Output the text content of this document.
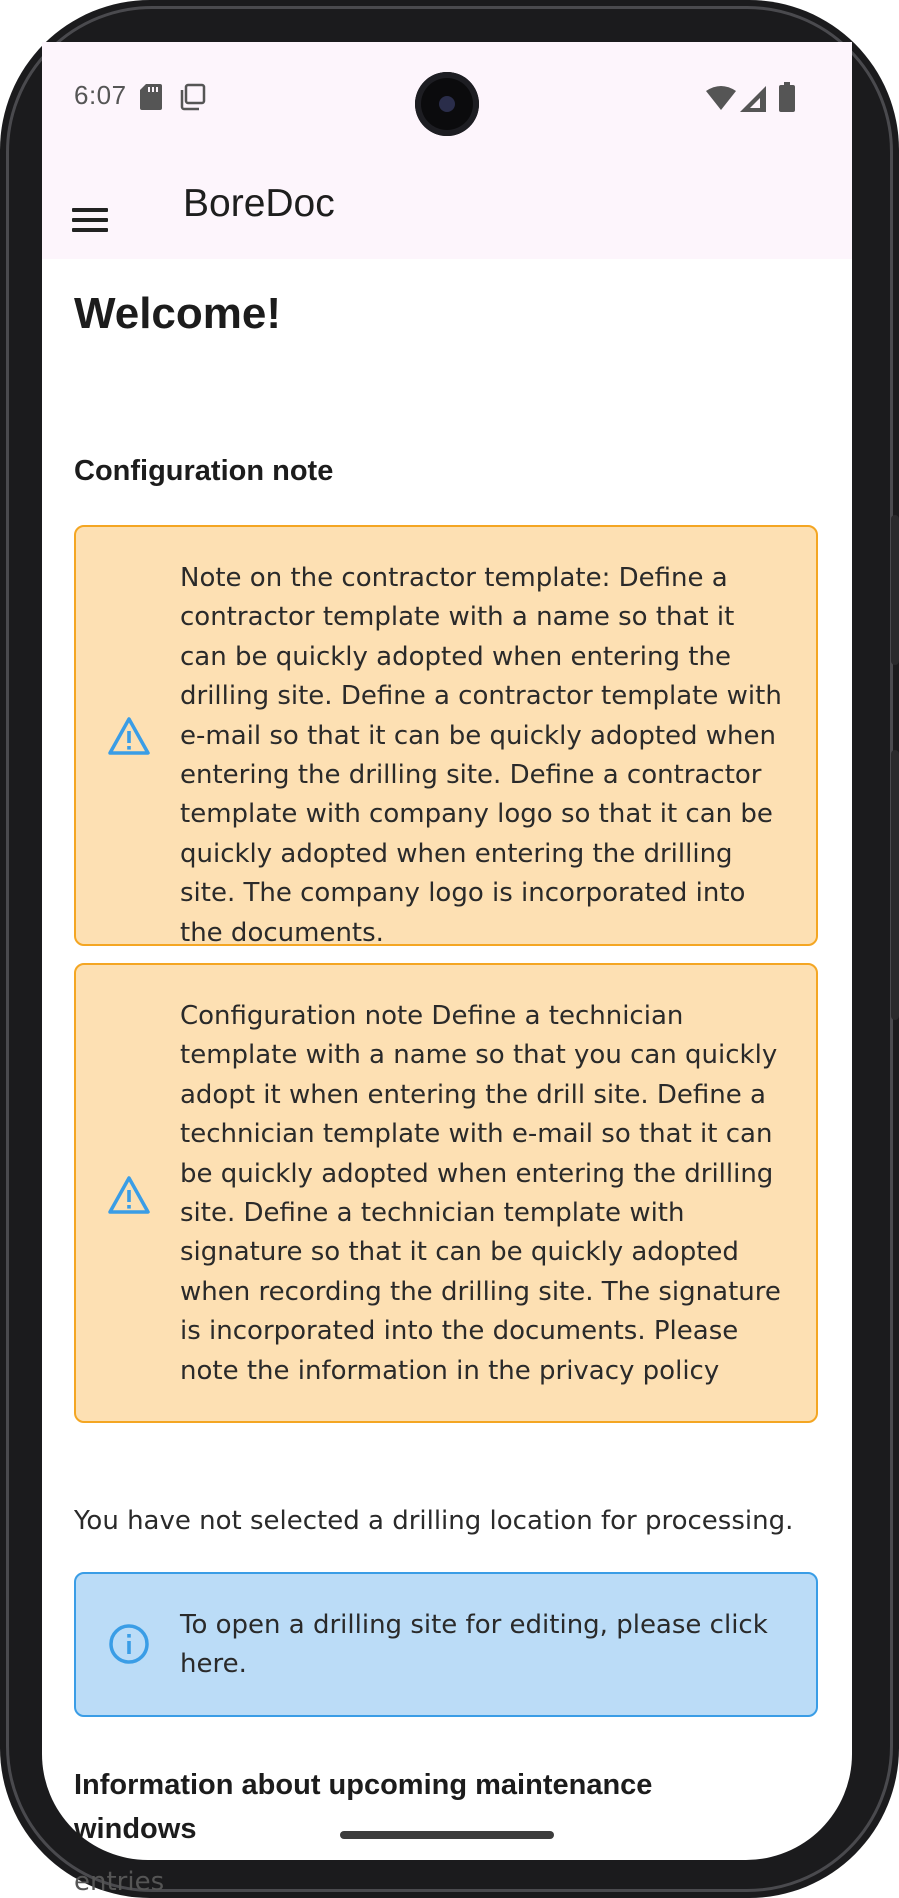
6:07
BoreDoc
Welcome!
Configuration note
Note on the contractor template: Define a contractor template with a name so that it can be quickly adopted when entering the drilling site. Define a contractor template with e-mail so that it can be quickly adopted when entering the drilling site. Define a contractor template with company logo so that it can be quickly adopted when entering the drilling site. The company logo is incorporated into the documents.
Configuration note Define a technician template with a name so that you can quickly adopt it when entering the drill site. Define a technician template with e-mail so that it can be quickly adopted when entering the drilling site. Define a technician template with signature so that it can be quickly adopted when recording the drilling site. The signature is incorporated into the documents. Please note the information in the privacy policy
You have not selected a drilling location for processing.
To open a drilling site for editing, please click here.
Information about upcoming maintenance windows
entries
